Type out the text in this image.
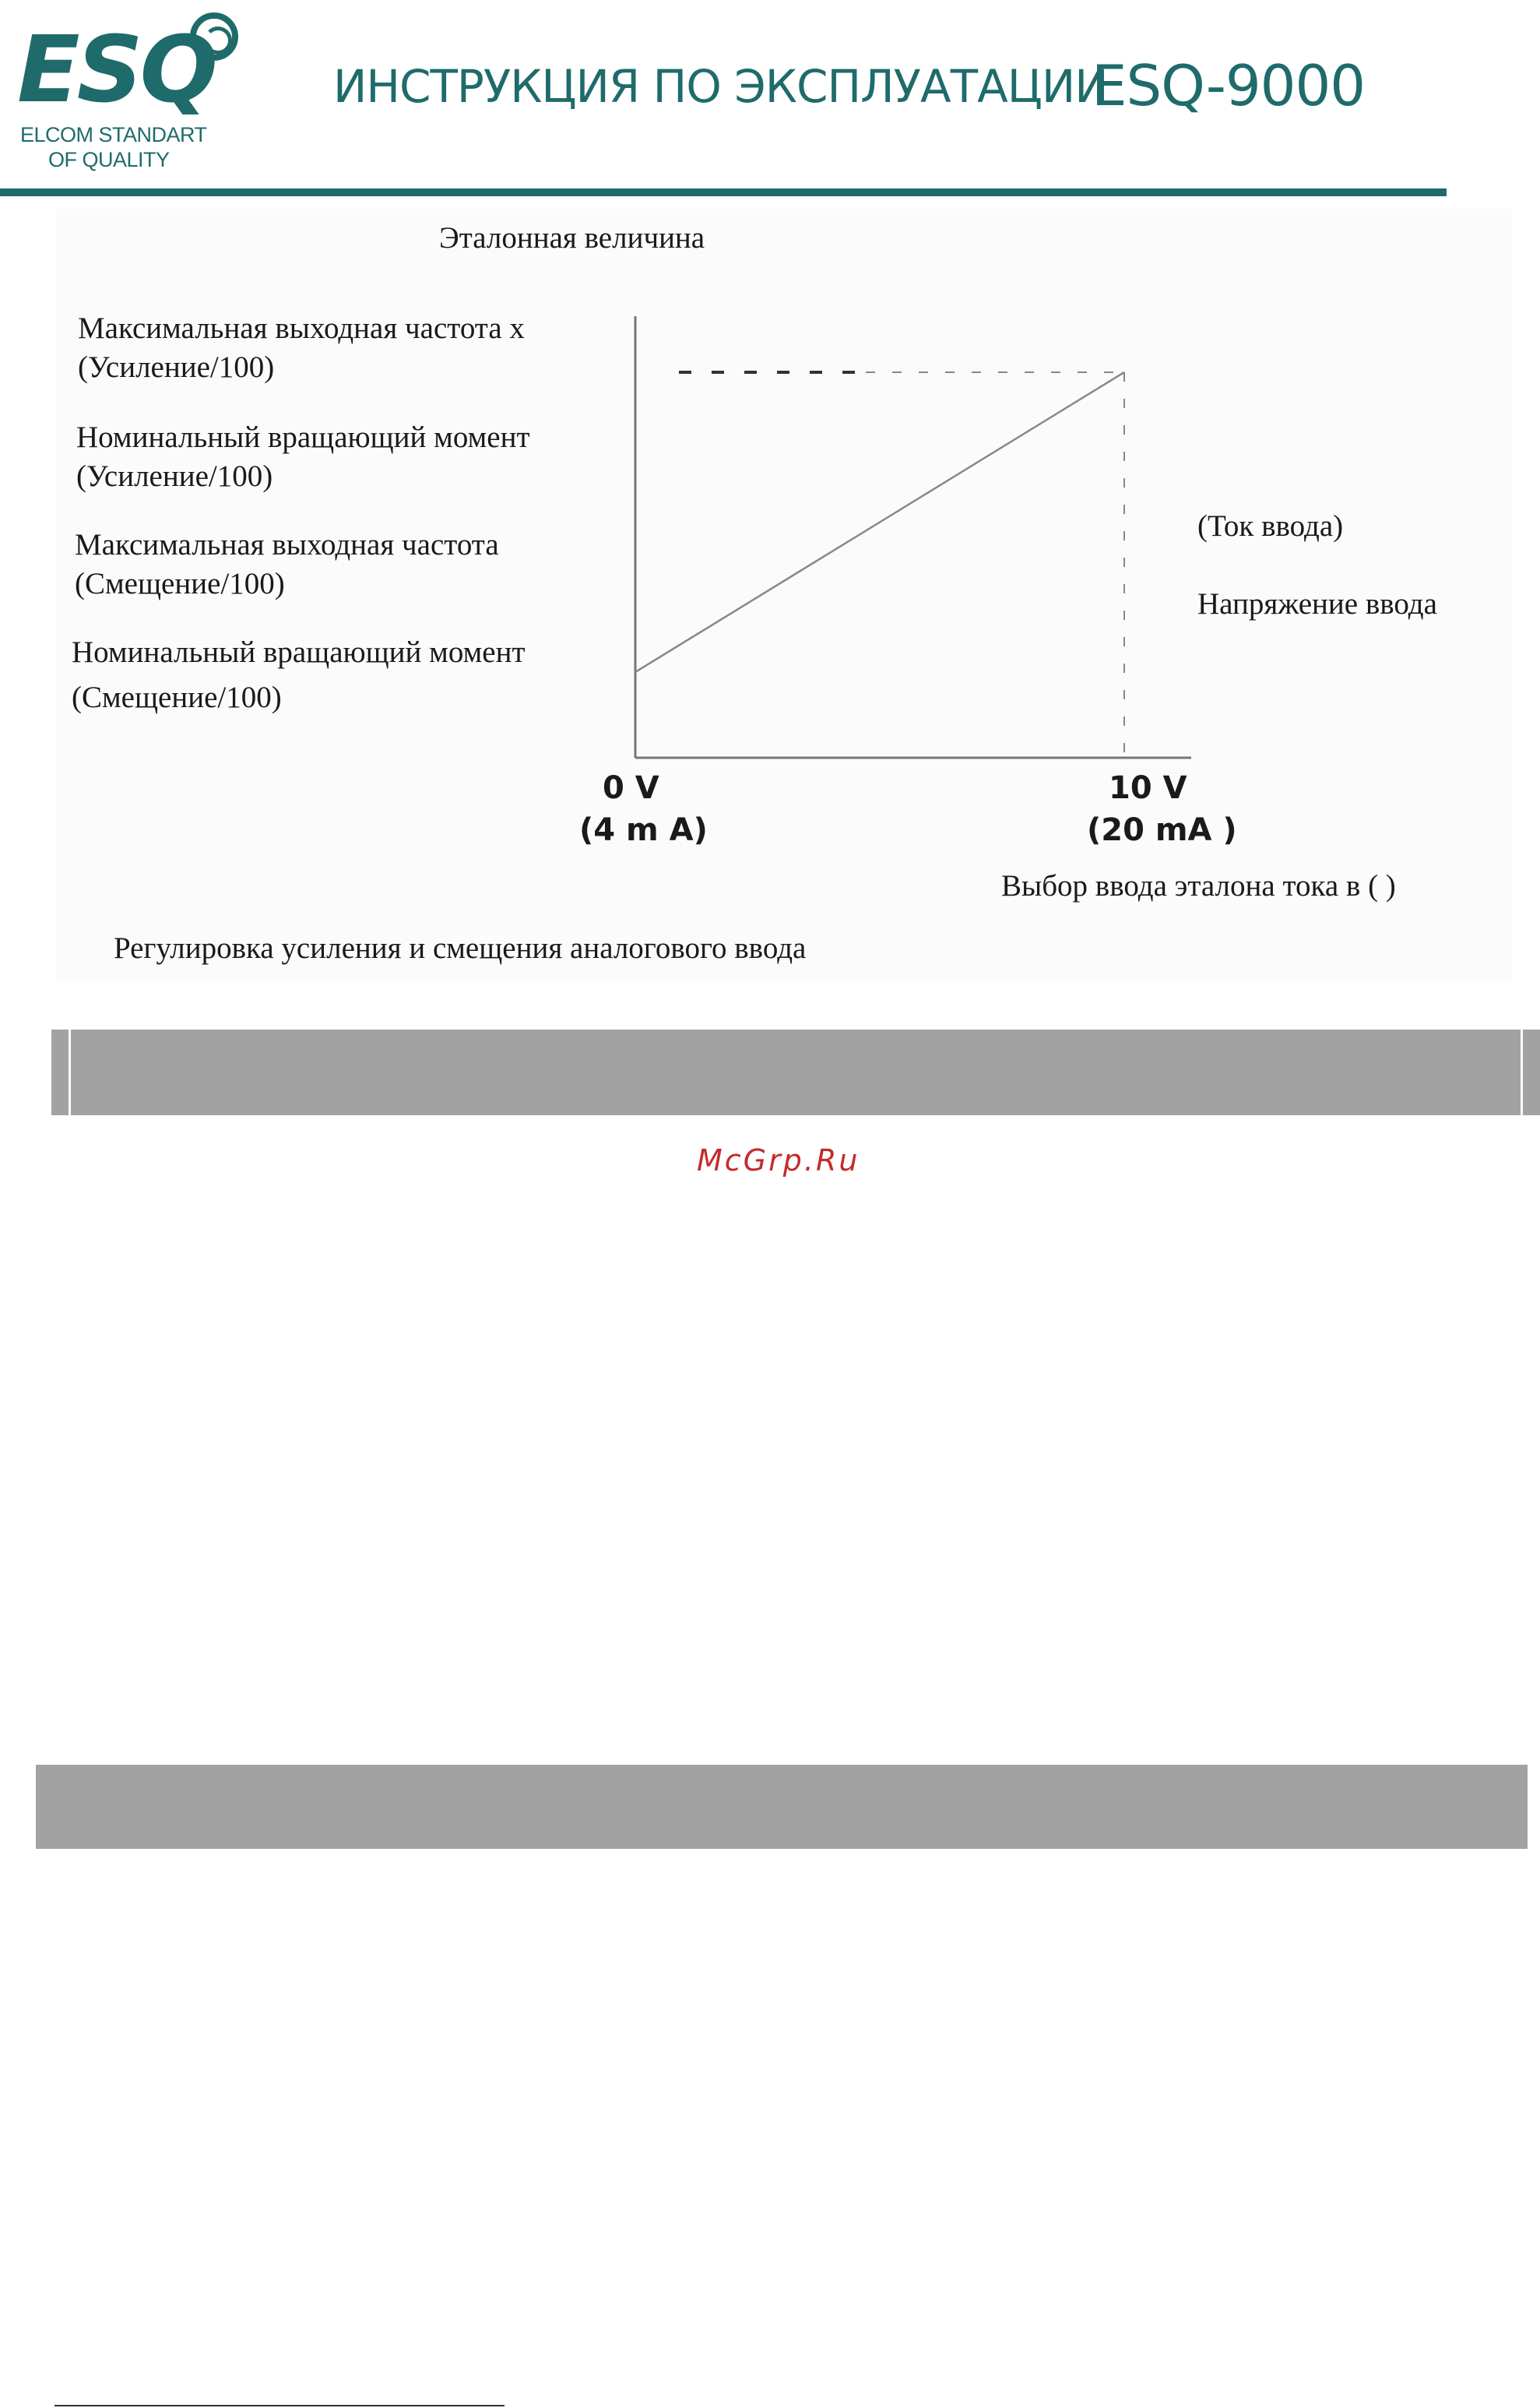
ESQ
ELCOM STANDART
OF QUALITY
ИНСТРУКЦИЯ ПО ЭКСПЛУАТАЦИИ
ESQ-9000
Эталонная величина
Максимальная выходная частота х
(Усиление/100)
Номинальный вращающий момент
(Усиление/100)
Максимальная выходная частота
(Смещение/100)
Номинальный вращающий момент
(Смещение/100)
(Ток ввода)
Напряжение ввода
0 V
(4 m A)
10 V
(20 mA )
Выбор ввода эталона тока в ( )
Регулировка усиления и смещения аналогового ввода
McGrp.Ru
